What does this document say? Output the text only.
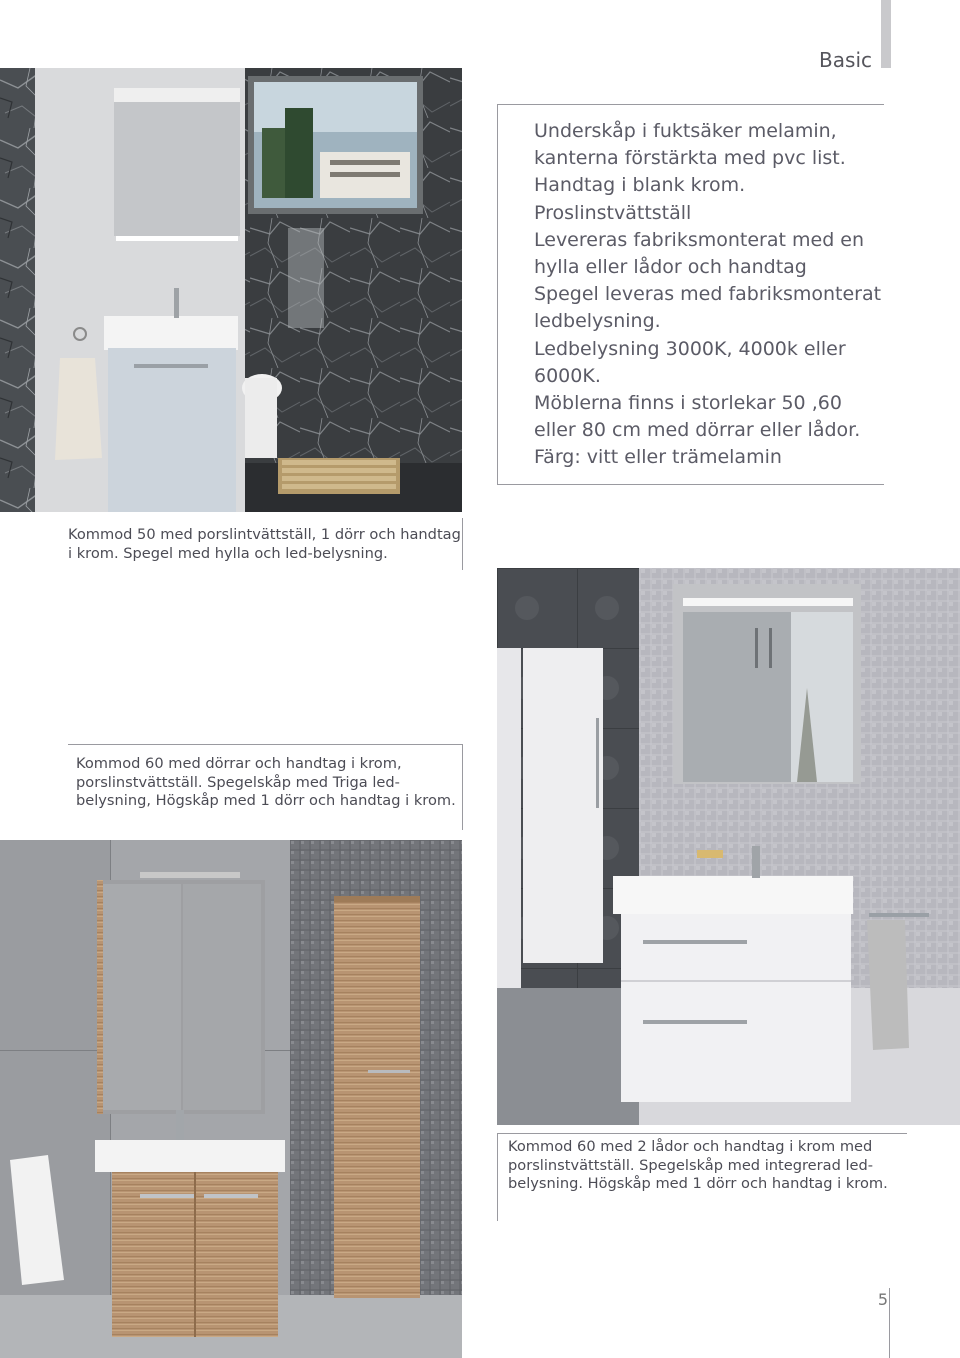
Basic

Underskåp i fuktsäker melamin,

kanterna förstärkta med pvc list.

Handtag i blank krom.

Proslinstvättställ

Levereras fabriksmonterat med en

hylla eller lådor och handtag

Spegel leveras med fabriksmonterat

ledbelysning.

Ledbelysning 3000K, 4000k eller

6000K.

Möblerna finns i storlekar 50 ,60

eller 80 cm med dörrar eller lådor.

Färg: vitt eller trämelamin

Kommod 50 med porslintvättställ, 1 dörr och handtag i krom. Spegel med hylla och led-belysning.
Kommod 60 med dörrar och handtag i krom, porslinstvättställ. Spegelskåp med Triga led-belysning, Högskåp med 1 dörr och handtag i krom.
Kommod 60 med 2 lådor och handtag i krom med porslinstvättställ. Spegelskåp med integrerad led-belysning. Högskåp med 1 dörr och handtag i krom.
5
